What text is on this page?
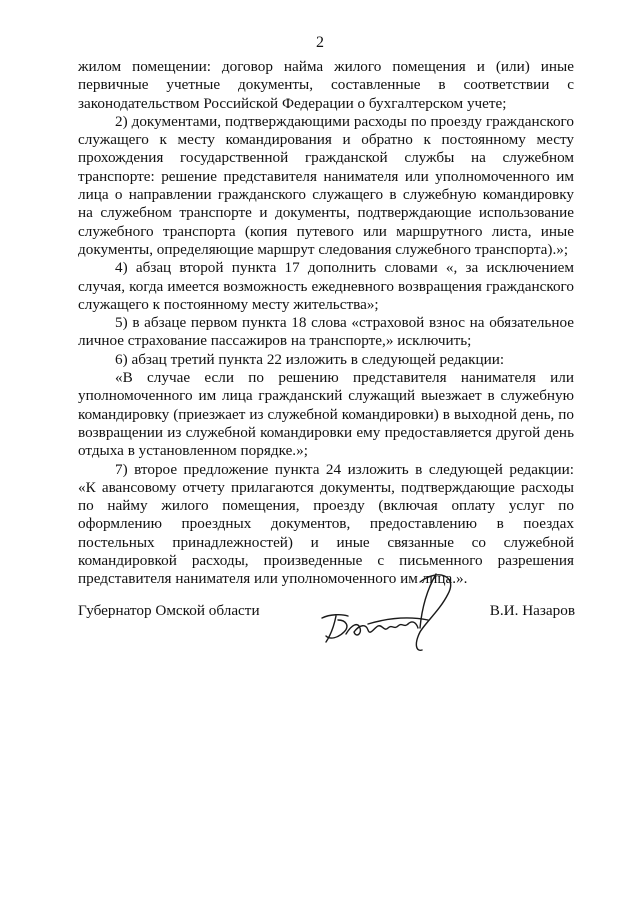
2

жилом помещении: договор найма жилого помещения и (или) иные первичные учетные документы, составленные в соответствии с законодательством Российской Федерации о бухгалтерском учете;

2) документами, подтверждающими расходы по проезду гражданского служащего к месту командирования и обратно к постоянному месту прохождения государственной гражданской службы на служебном транспорте: решение представителя нанимателя или уполномоченного им лица о направлении гражданского служащего в служебную командировку на служебном транспорте и документы, подтверждающие использование служебного транспорта (копия путевого или маршрутного листа, иные документы, определяющие маршрут следования служебного транспорта).»;

4) абзац второй пункта 17 дополнить словами «, за исключением случая, когда имеется возможность ежедневного возвращения гражданского служащего к постоянному месту жительства»;

5) в абзаце первом пункта 18 слова «страховой взнос на обязательное личное страхование пассажиров на транспорте,» исключить;

6) абзац третий пункта 22 изложить в следующей редакции:

«В случае если по решению представителя нанимателя или уполномоченного им лица гражданский служащий выезжает в служебную командировку (приезжает из служебной командировки) в выходной день, по возвращении из служебной командировки ему предоставляется другой день отдыха в установленном порядке.»;

7) второе предложение пункта 24 изложить в следующей редакции: «К авансовому отчету прилагаются документы, подтверждающие расходы по найму жилого помещения, проезду (включая оплату услуг по оформлению проездных документов, предоставлению в поездах постельных принадлежностей) и иные связанные со служебной командировкой расходы, произведенные с письменного разрешения представителя нанимателя или уполномоченного им лица.».

Губернатор Омской области	В.И. Назаров
